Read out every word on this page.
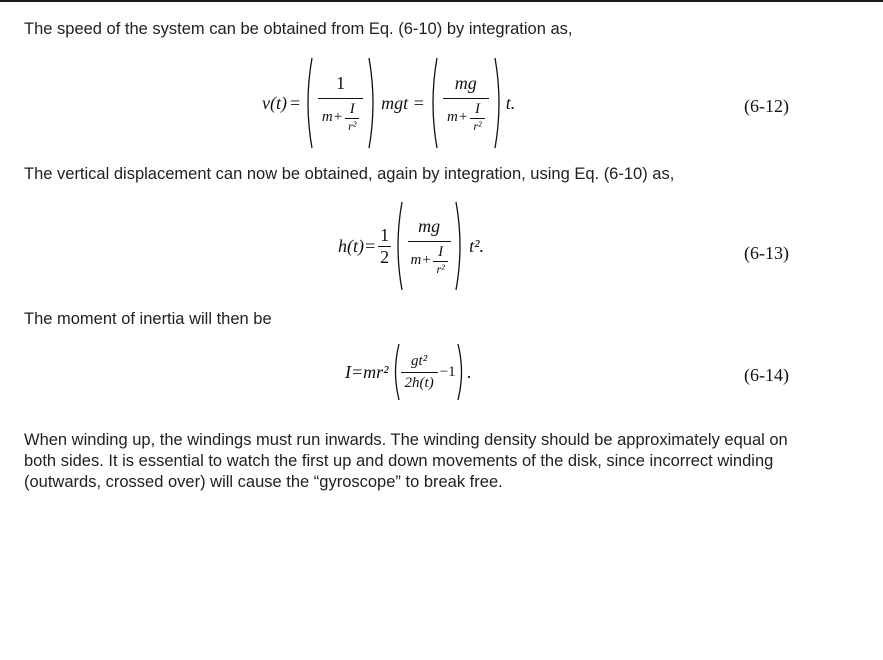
The speed of the system can be obtained from Eq. (6-10) by integration as,
$v(t) = \frac{1}{m + \frac{I}{\text{r²}}}$ mgt = $\frac{mg}{m + \frac{I}{\text{r²}}} t$.	(6-12)
The vertical displacement can now be obtained, again by integration, using Eq. (6-10) as,
$h(t)= \frac{1}{2} \frac{mg}{m+ \frac{I}{\text{r²}}} t^2$.	(6-13)
The moment of inertia will then be
$I=mr^2 \frac{\text{gt²}}{2h(t)} -1$ .	(6-14)
When winding up, the windings must run inwards. The winding density should be approximately equal on both sides. It is essential to watch the first up and down movements of the disk, since incorrect winding (outwards, crossed over) will cause the “gyroscope” to break free.
